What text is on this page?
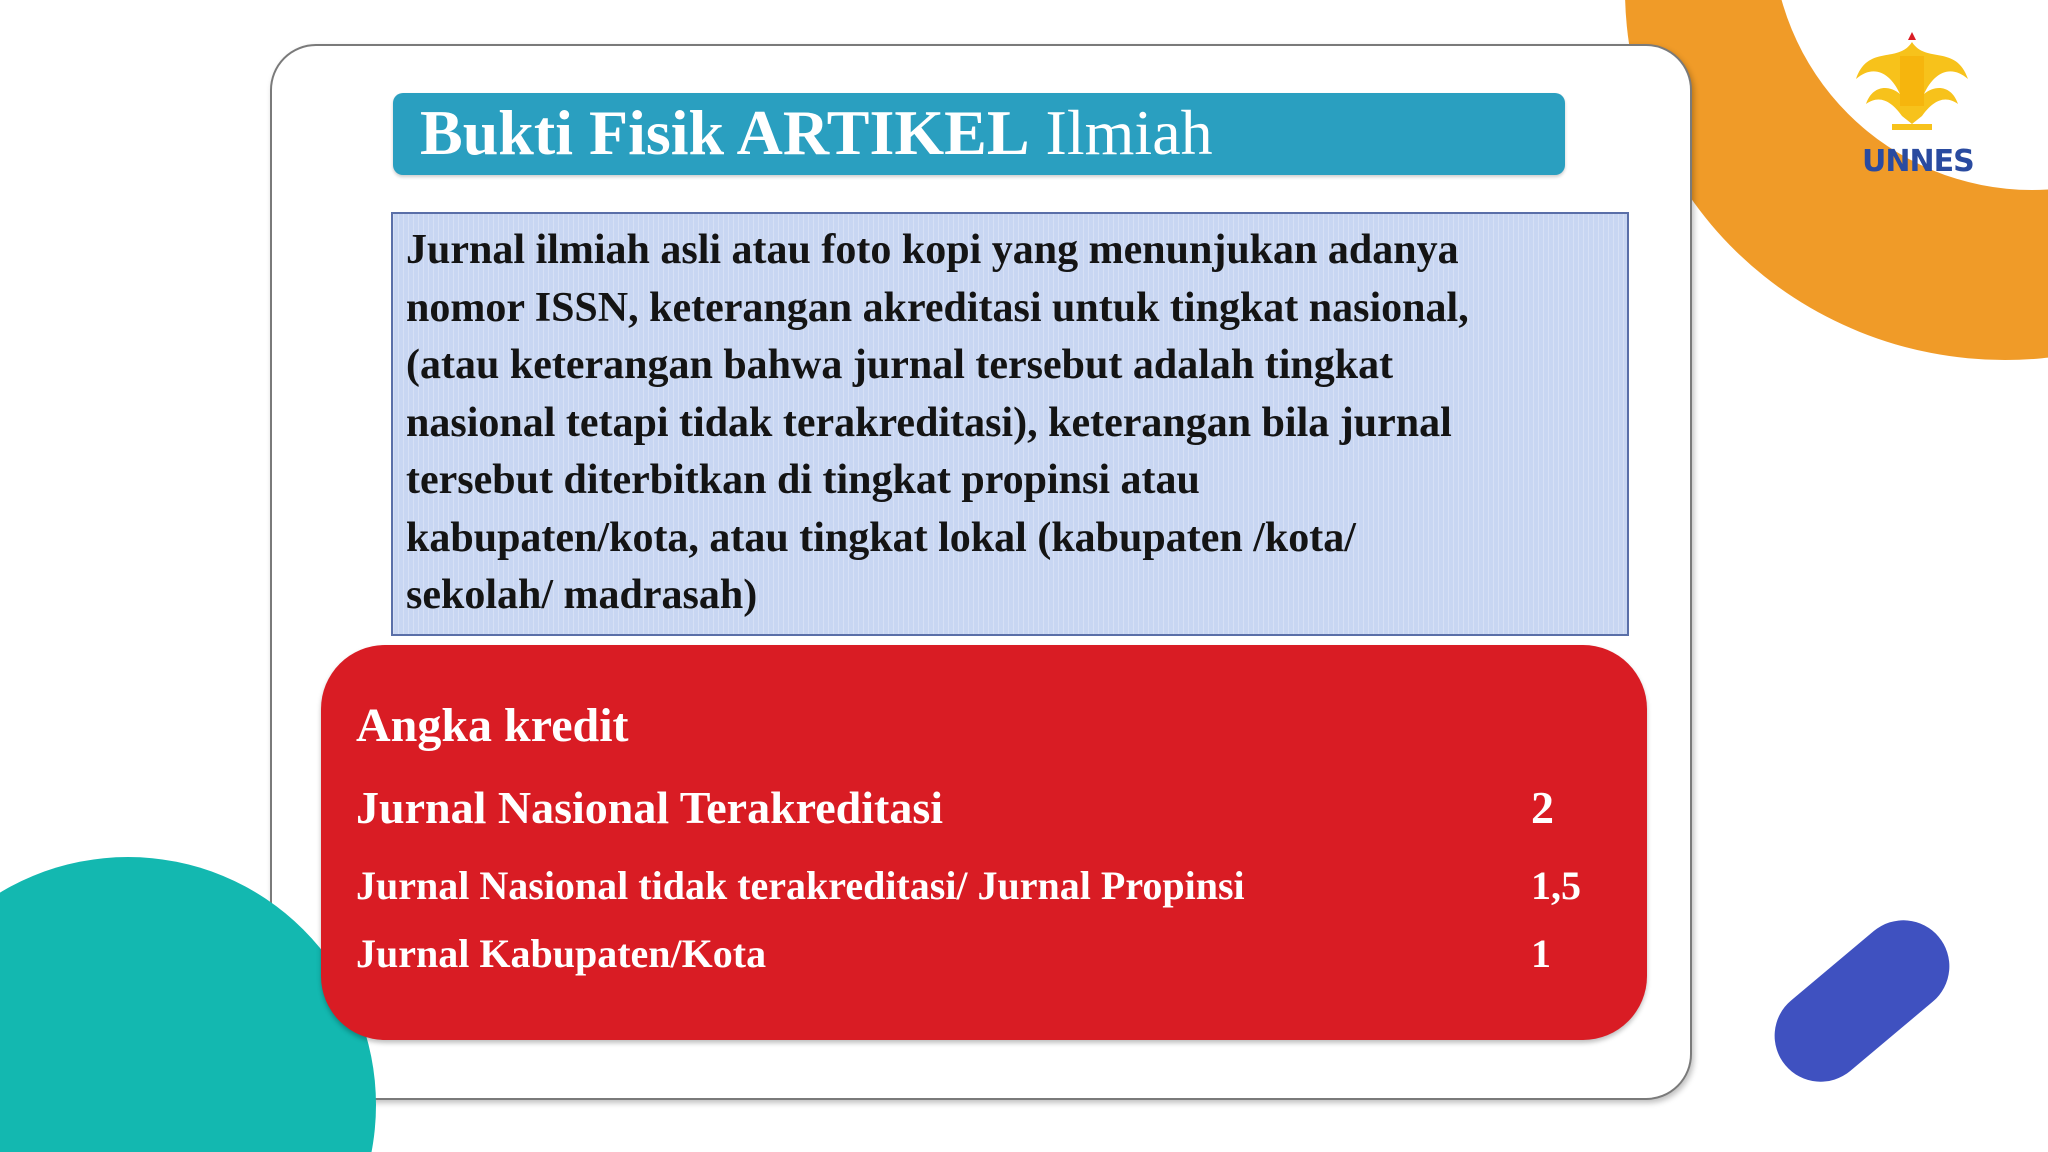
UNNES
Bukti Fisik ARTIKEL Ilmiah
Jurnal ilmiah asli atau foto kopi yang menunjukan adanya
nomor ISSN, keterangan akreditasi untuk tingkat nasional,
(atau keterangan bahwa jurnal tersebut adalah tingkat
nasional tetapi tidak terakreditasi), keterangan bila jurnal
tersebut diterbitkan di tingkat propinsi atau
kabupaten/kota, atau tingkat lokal (kabupaten /kota/
sekolah/ madrasah)
Angka kredit
Jurnal Nasional Terakreditasi	2
Jurnal Nasional tidak terakreditasi/ Jurnal Propinsi	1,5
Jurnal Kabupaten/Kota	1
